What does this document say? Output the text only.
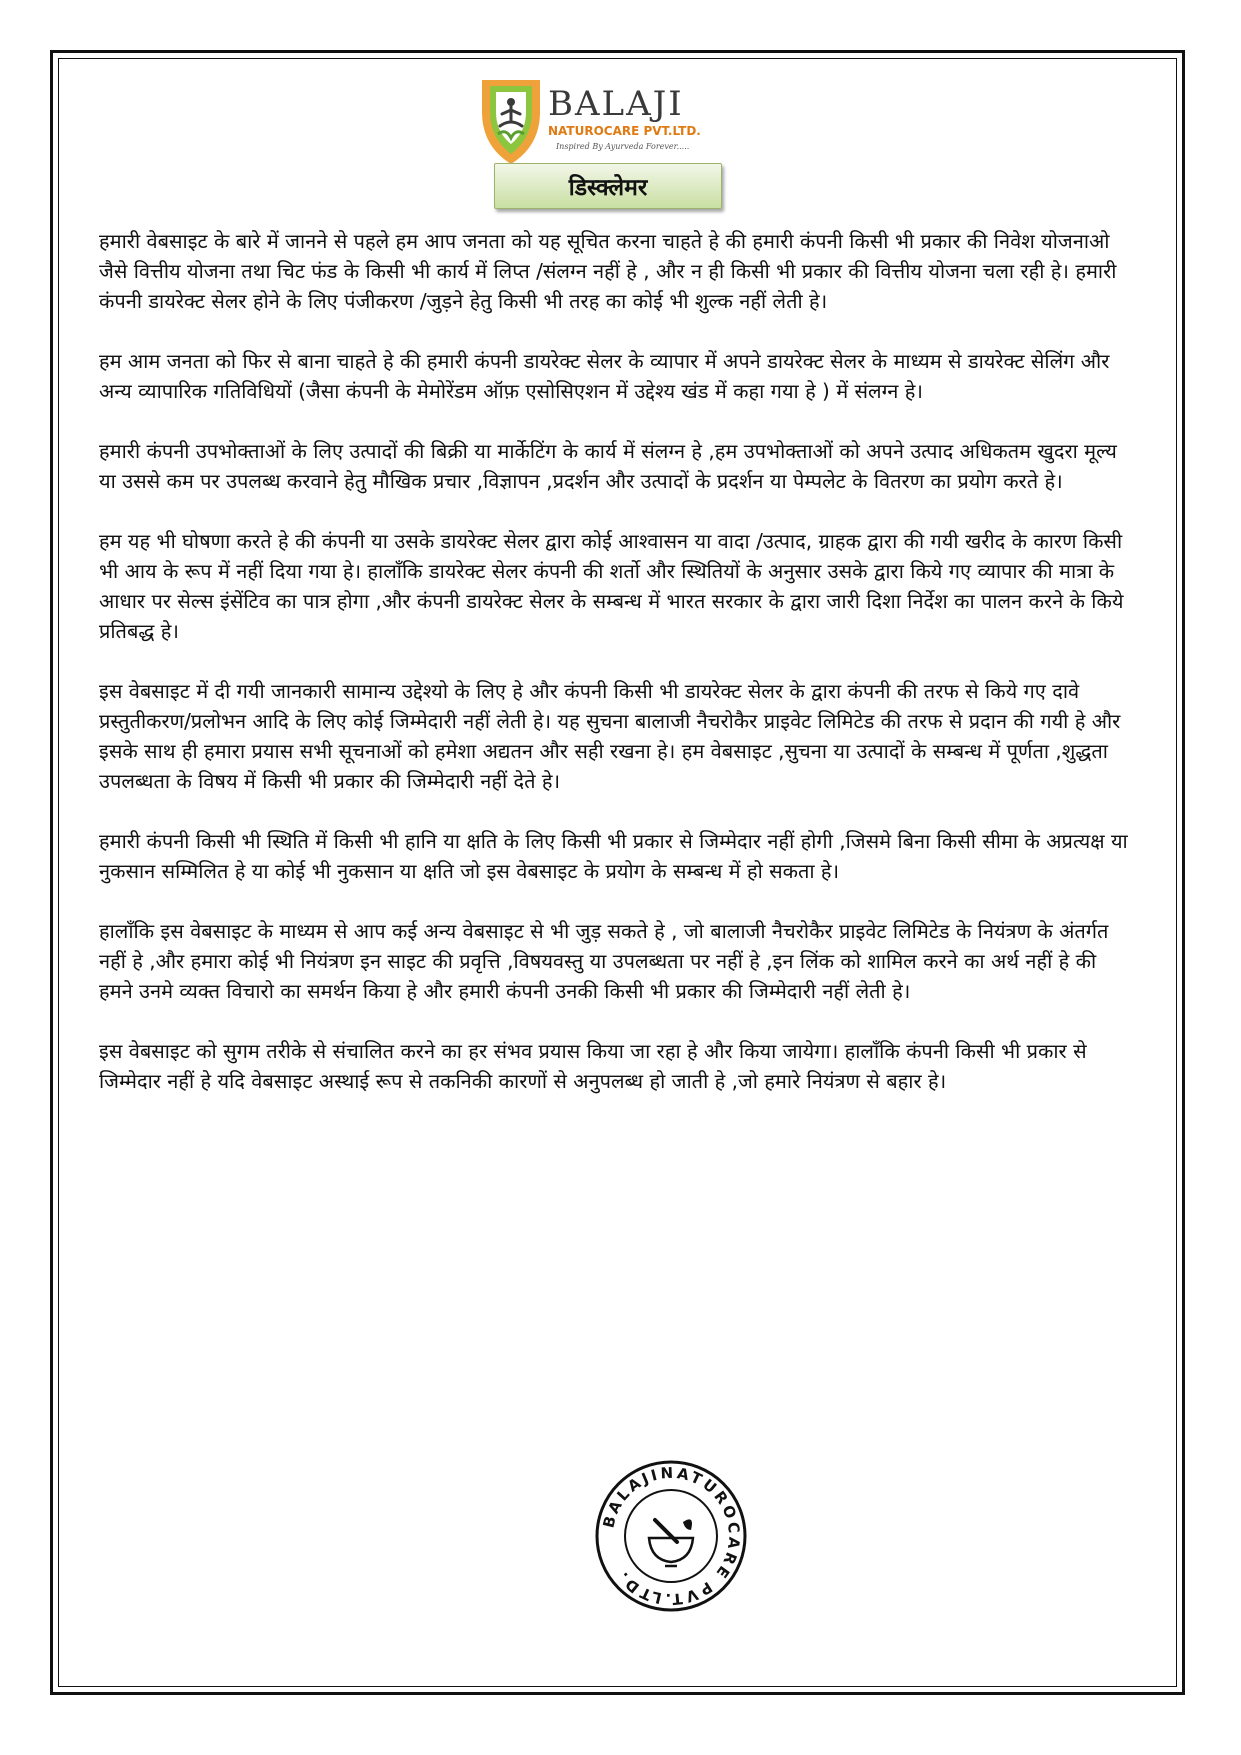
BALAJI
NATUROCARE PVT.LTD.
Inspired By Ayurveda Forever.....
डिस्क्लेमर

हमारी वेबसाइट के बारे में जानने से पहले हम आप जनता को यह सूचित करना चाहते हे की हमारी कंपनी किसी भी प्रकार की निवेश योजनाओ जैसे वित्तीय योजना तथा चिट फंड के किसी भी कार्य में लिप्त /संलग्न नहीं हे , और न ही किसी भी प्रकार की वित्तीय योजना चला रही हे। हमारी कंपनी डायरेक्ट सेलर होने के लिए पंजीकरण /जुड़ने हेतु किसी भी तरह का कोई भी शुल्क नहीं लेती हे।

हम आम जनता को फिर से बाना चाहते हे की हमारी कंपनी डायरेक्ट सेलर के व्यापार में अपने डायरेक्ट सेलर के माध्यम से डायरेक्ट सेलिंग और अन्य व्यापारिक गतिविधियों (जैसा कंपनी के मेमोरेंडम ऑफ़ एसोसिएशन में उद्देश्य खंड में कहा गया हे ) में संलग्न हे।

हमारी कंपनी उपभोक्ताओं के लिए उत्पादों की बिक्री या मार्केटिंग के कार्य में संलग्न हे ,हम उपभोक्ताओं को अपने उत्पाद अधिकतम खुदरा मूल्य या उससे कम पर उपलब्ध करवाने हेतु मौखिक प्रचार ,विज्ञापन ,प्रदर्शन और उत्पादों के प्रदर्शन या पेम्पलेट के वितरण का प्रयोग करते हे।

हम यह भी घोषणा करते हे की कंपनी या उसके डायरेक्ट सेलर द्वारा कोई आश्वासन या वादा /उत्पाद, ग्राहक द्वारा की गयी खरीद के कारण किसी भी आय के रूप में नहीं दिया गया हे। हालाँकि डायरेक्ट सेलर कंपनी की शर्तो और स्थितियों के अनुसार उसके द्वारा किये गए व्यापार की मात्रा के आधार पर सेल्स इंसेंटिव का पात्र होगा ,और कंपनी डायरेक्ट सेलर के सम्बन्ध में भारत सरकार के द्वारा जारी दिशा निर्देश का पालन करने के किये प्रतिबद्ध हे।

इस वेबसाइट में दी गयी जानकारी सामान्य उद्देश्यो के लिए हे और कंपनी किसी भी डायरेक्ट सेलर के द्वारा कंपनी की तरफ से किये गए दावे प्रस्तुतीकरण/प्रलोभन आदि के लिए कोई जिम्मेदारी नहीं लेती हे। यह सुचना बालाजी नैचरोकैर प्राइवेट लिमिटेड की तरफ से प्रदान की गयी हे और इसके साथ ही हमारा प्रयास सभी सूचनाओं को हमेशा अद्यतन और सही रखना हे। हम वेबसाइट ,सुचना या उत्पादों के सम्बन्ध में पूर्णता ,शुद्धता उपलब्धता के विषय में किसी भी प्रकार की जिम्मेदारी नहीं देते हे।

हमारी कंपनी किसी भी स्थिति में किसी भी हानि या क्षति के लिए किसी भी प्रकार से जिम्मेदार नहीं होगी ,जिसमे बिना किसी सीमा के अप्रत्यक्ष या नुकसान सम्मिलित हे या कोई भी नुकसान या क्षति जो इस वेबसाइट के प्रयोग के सम्बन्ध में हो सकता हे।

हालाँकि इस वेबसाइट के माध्यम से आप कई अन्य वेबसाइट से भी जुड़ सकते हे , जो बालाजी नैचरोकैर प्राइवेट लिमिटेड के नियंत्रण के अंतर्गत नहीं हे ,और हमारा कोई भी नियंत्रण इन साइट की प्रवृत्ति ,विषयवस्तु या उपलब्धता पर नहीं हे ,इन लिंक को शामिल करने का अर्थ नहीं हे की हमने उनमे व्यक्त विचारो का समर्थन किया हे और हमारी कंपनी उनकी किसी भी प्रकार की जिम्मेदारी नहीं लेती हे।

इस वेबसाइट को सुगम तरीके से संचालित करने का हर संभव प्रयास किया जा रहा हे और किया जायेगा। हालाँकि कंपनी किसी भी प्रकार से जिम्मेदार नहीं हे यदि वेबसाइट अस्थाई रूप से तकनिकी कारणों से अनुपलब्ध हो जाती हे ,जो हमारे नियंत्रण से बहार हे।

BALAJINATUROCARE PVT.LTD.
